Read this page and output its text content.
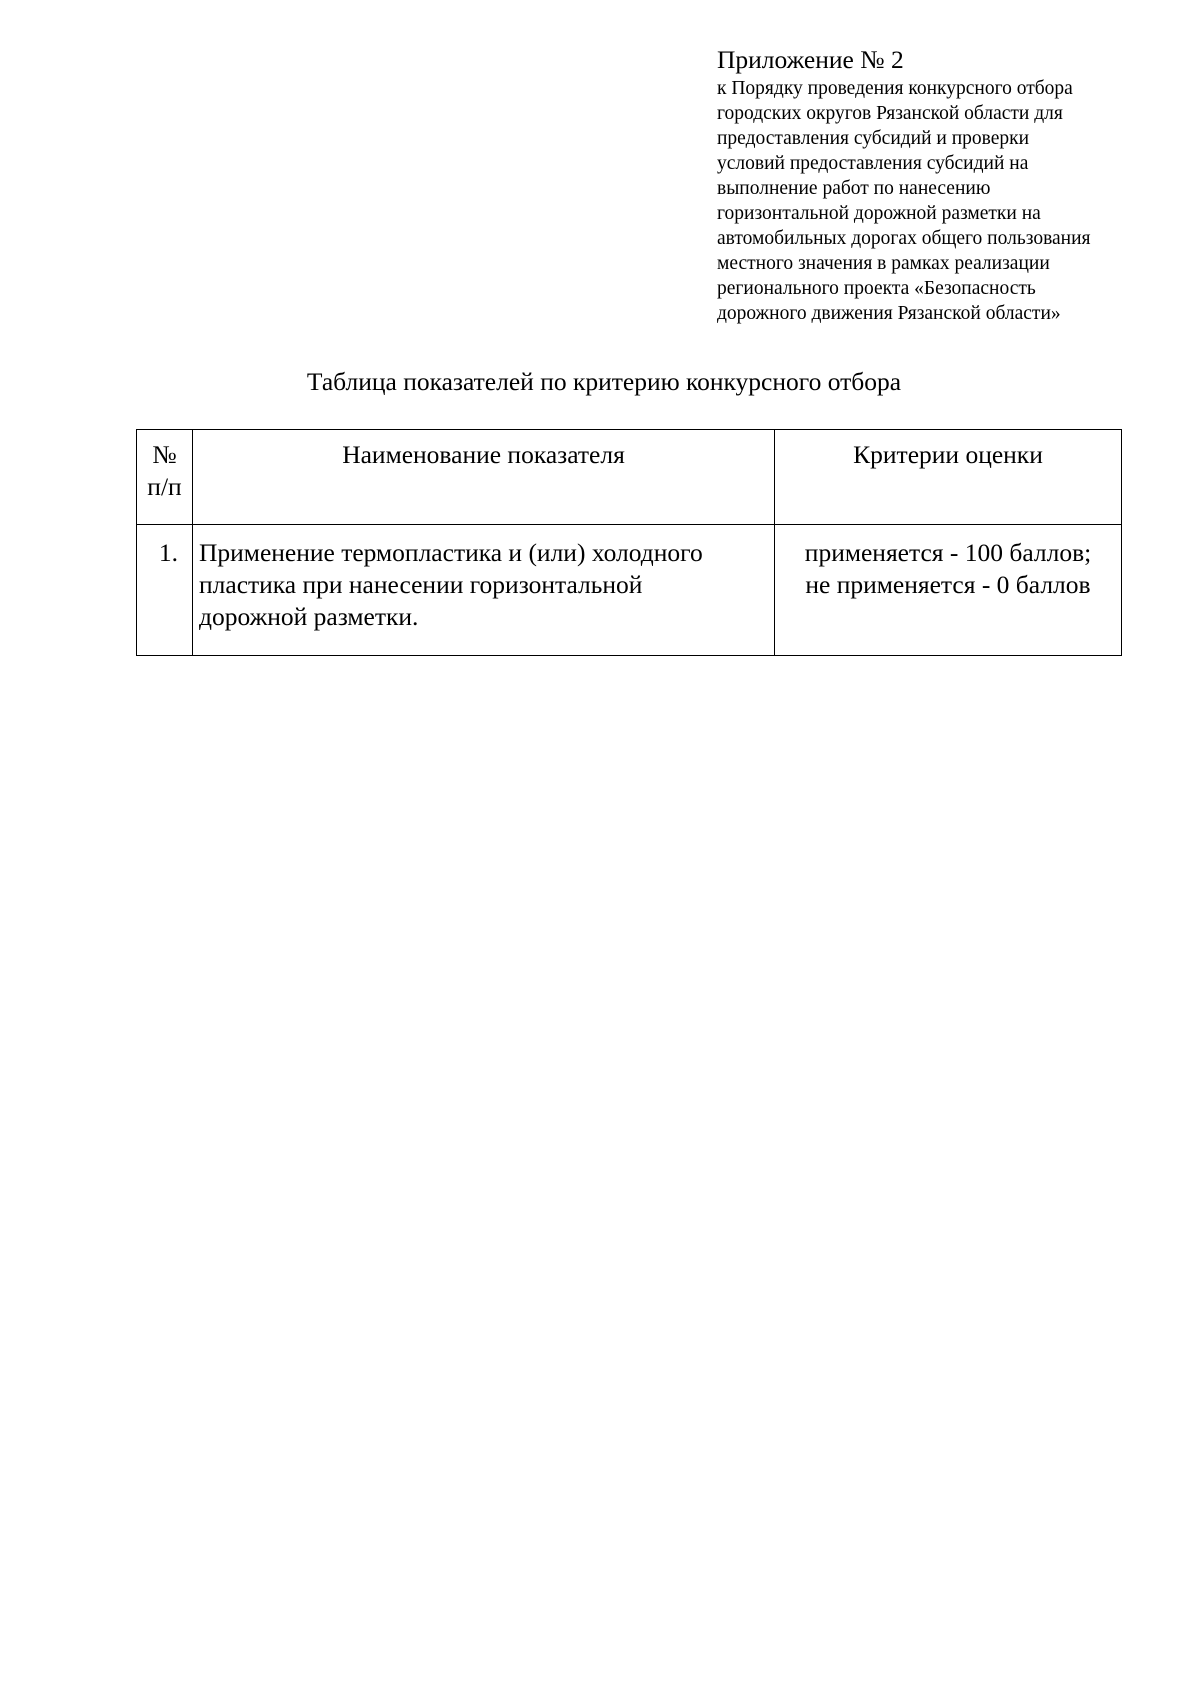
Приложение № 2
к Порядку проведения конкурсного отбора
городских округов Рязанской области для
предоставления субсидий и проверки
условий предоставления субсидий на
выполнение работ по нанесению
горизонтальной дорожной разметки на
автомобильных дорогах общего пользования
местного значения в рамках реализации
регионального проекта «Безопасность
дорожного движения Рязанской области»
Таблица показателей по критерию конкурсного отбора
№
п/п	Наименование показателя	Критерии оценки
1.	Применение термопластика и (или) холодного
пластика при нанесении горизонтальной
дорожной разметки.	применяется - 100 баллов;
не применяется - 0 баллов
